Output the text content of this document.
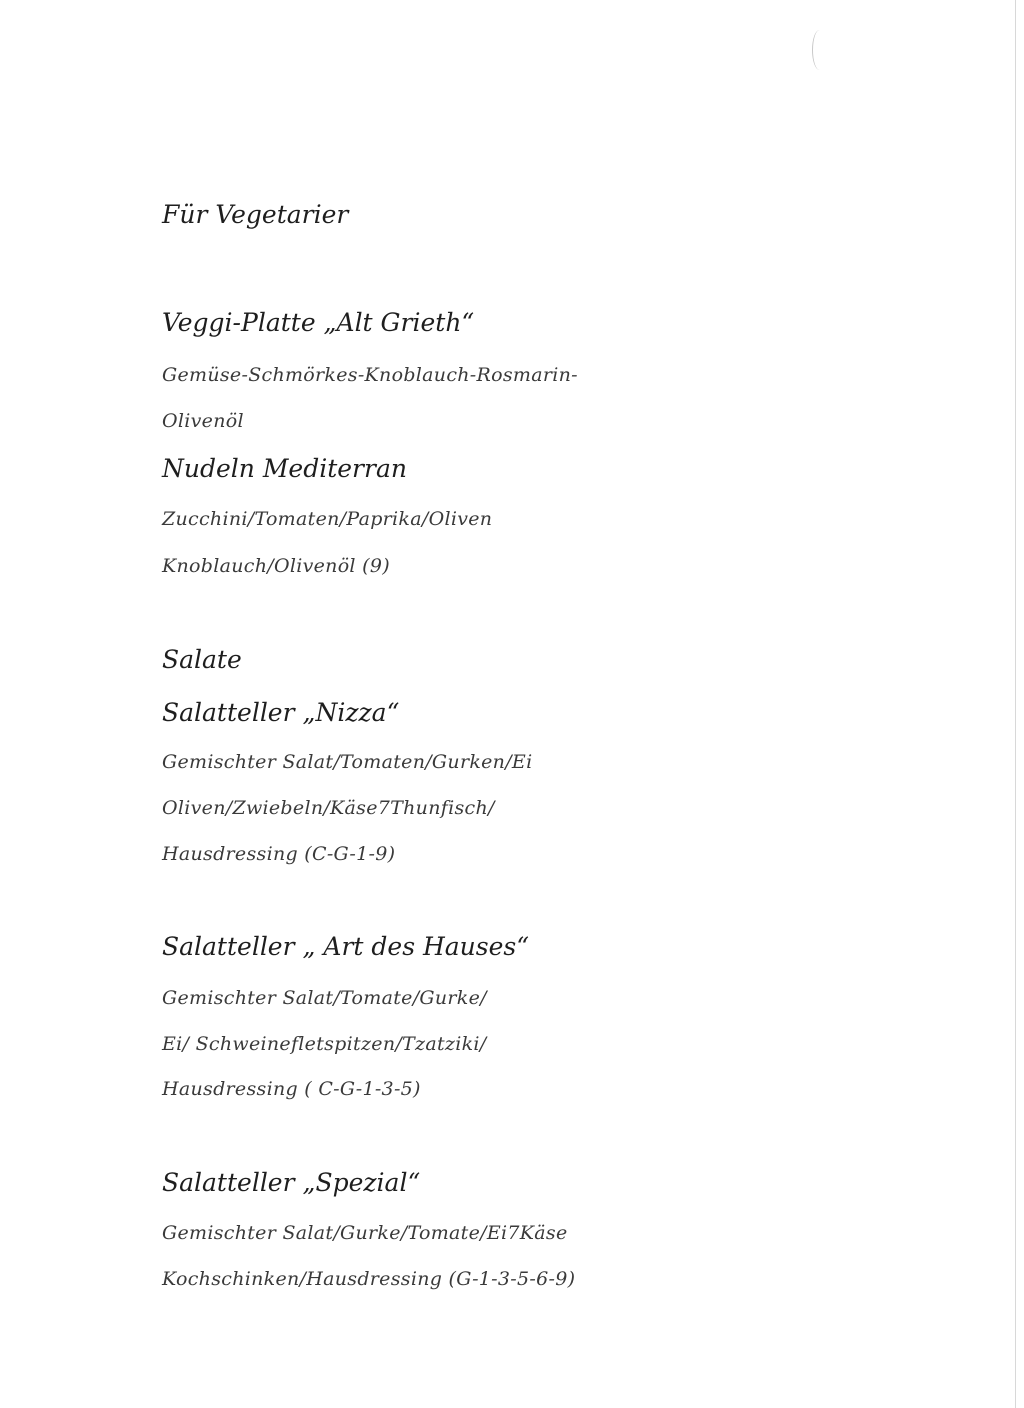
Für Vegetarier
Veggi-Platte „Alt Grieth“
Gemüse-Schmörkes-Knoblauch-Rosmarin-
Olivenöl
Nudeln Mediterran
Zucchini/Tomaten/Paprika/Oliven
Knoblauch/Olivenöl (9)
Salate
Salatteller „Nizza“
Gemischter Salat/Tomaten/Gurken/Ei
Oliven/Zwiebeln/Käse7Thunfisch/
Hausdressing (C-G-1-9)
Salatteller „ Art des Hauses“
Gemischter Salat/Tomate/Gurke/
Ei/ Schweinefletspitzen/Tzatziki/
Hausdressing ( C-G-1-3-5)
Salatteller „Spezial“
Gemischter Salat/Gurke/Tomate/Ei7Käse
Kochschinken/Hausdressing (G-1-3-5-6-9)
